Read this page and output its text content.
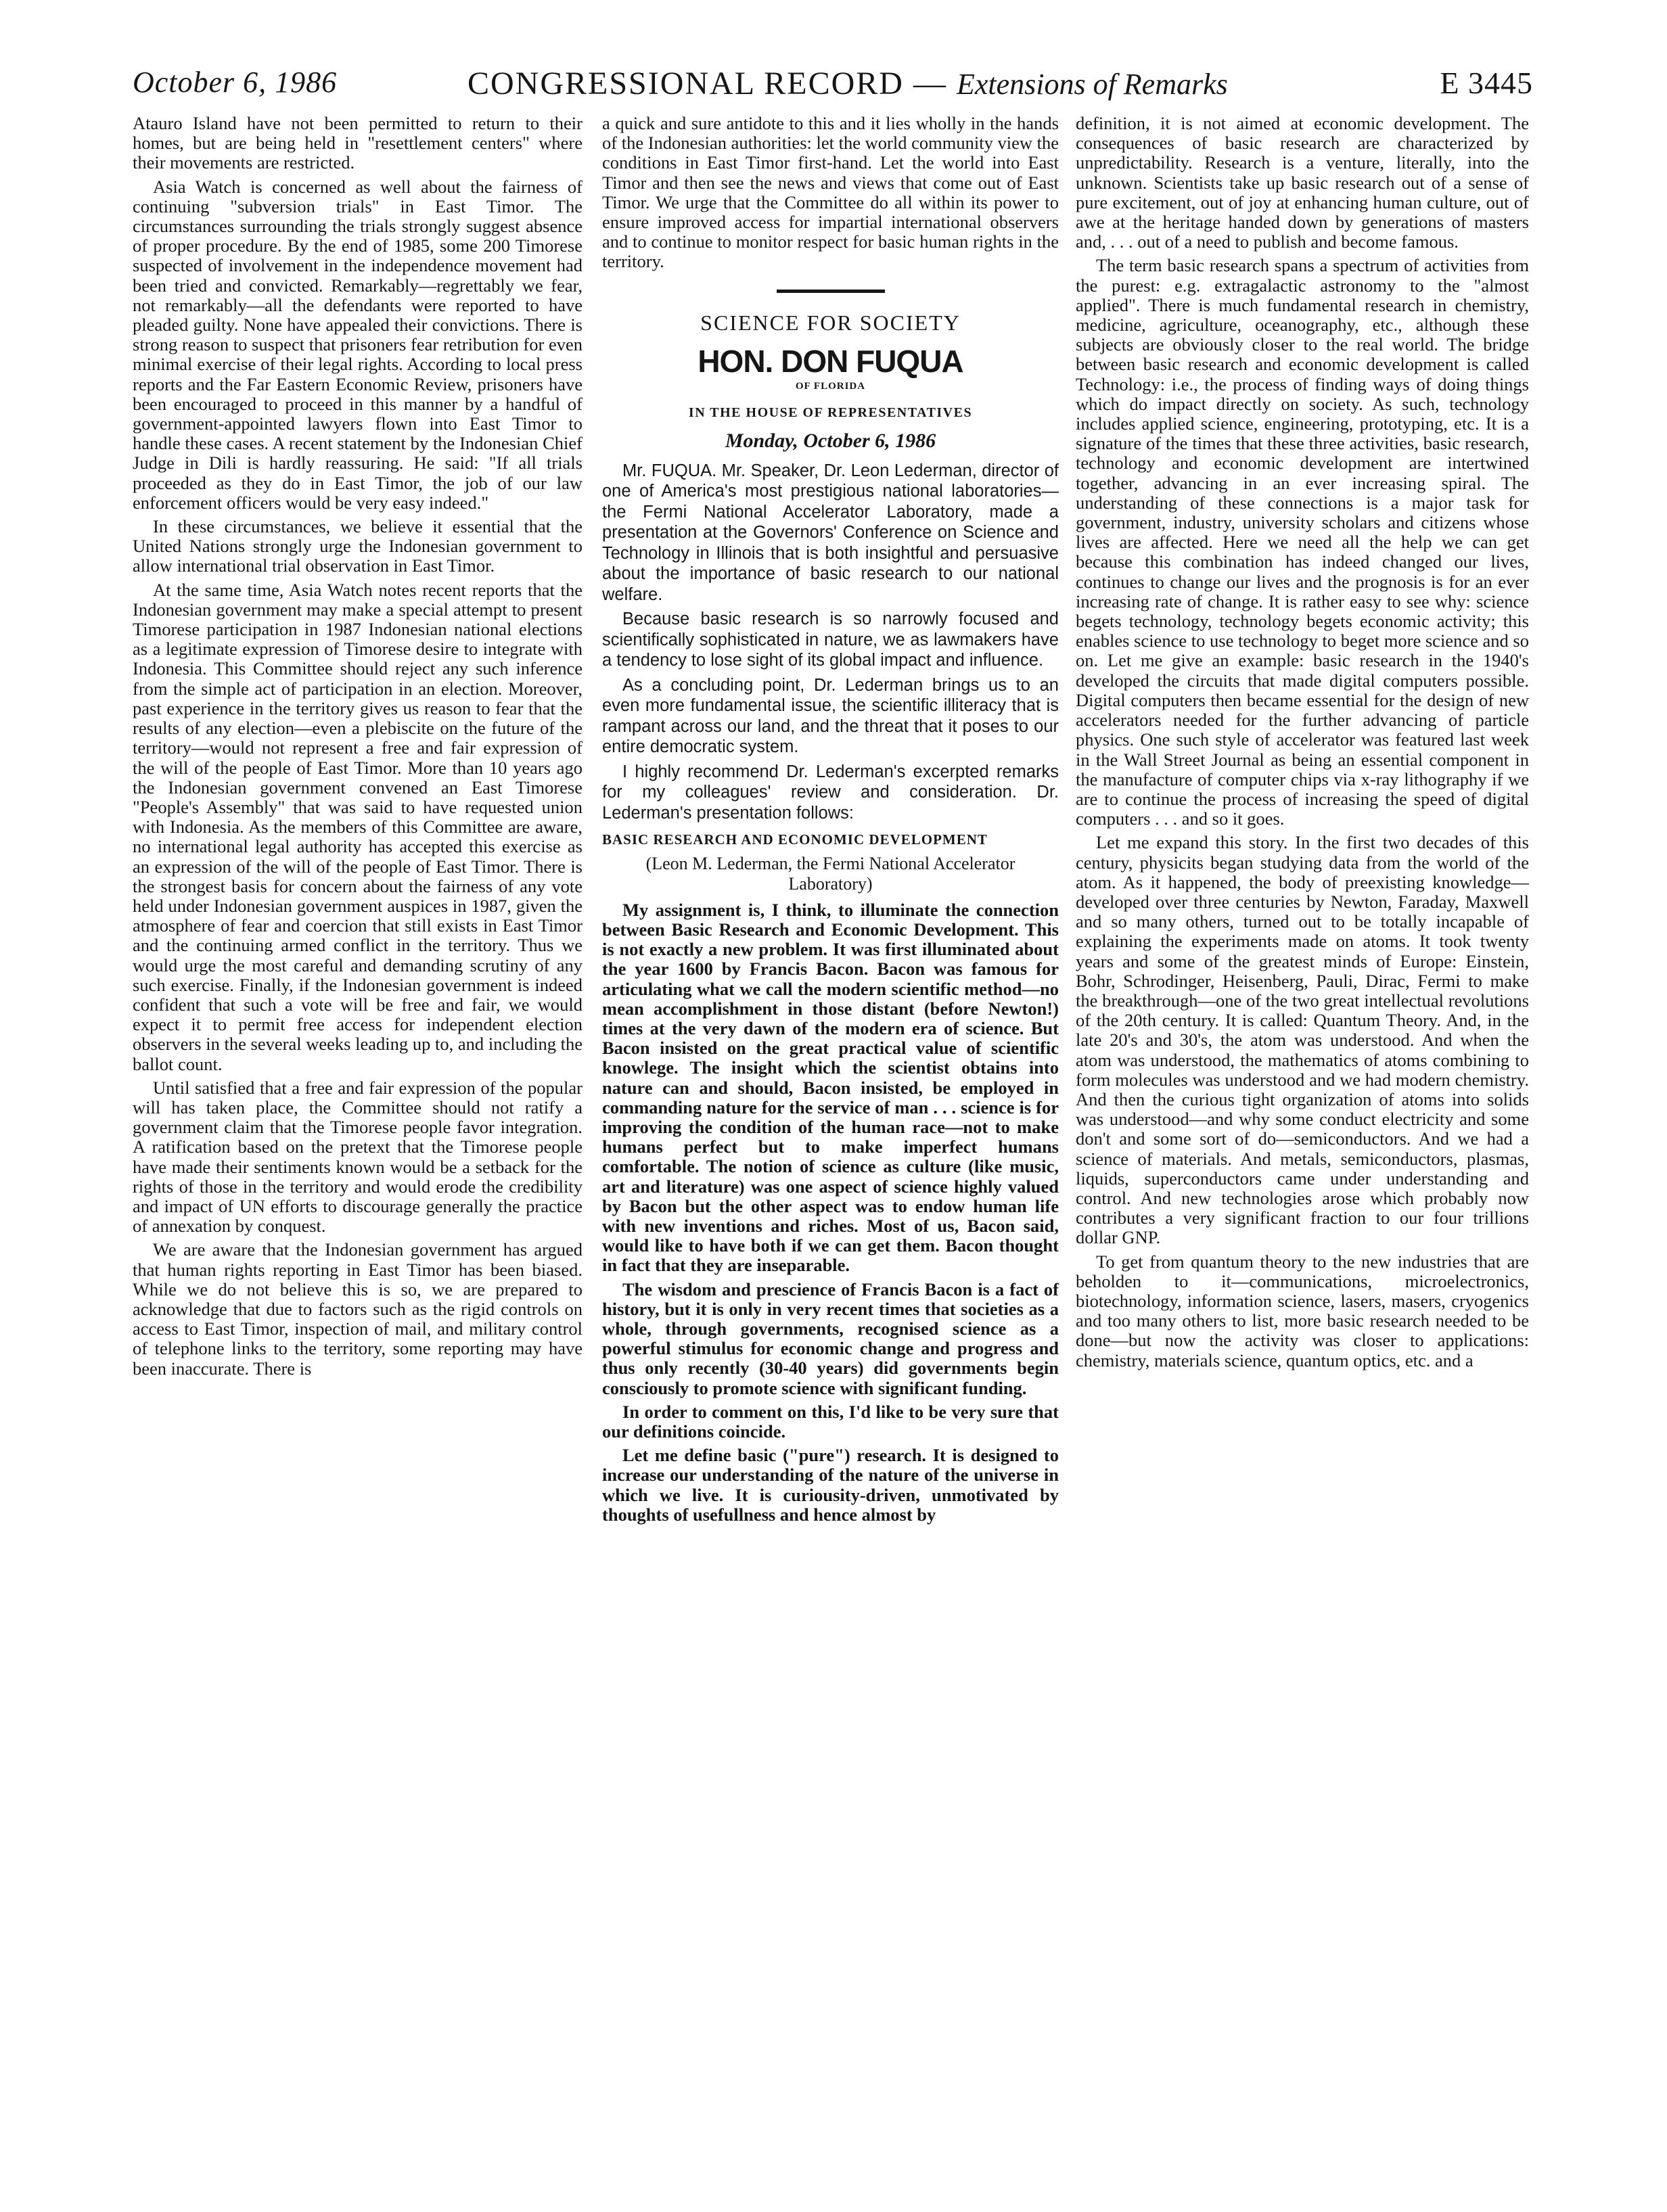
October 6, 1986	CONGRESSIONAL RECORD — Extensions of Remarks	E 3445

Atauro Island have not been permitted to return to their homes, but are being held in "resettlement centers" where their movements are restricted.

Asia Watch is concerned as well about the fairness of continuing "subversion trials" in East Timor. The circumstances surrounding the trials strongly suggest absence of proper procedure. By the end of 1985, some 200 Timorese suspected of involvement in the independence movement had been tried and convicted. Remarkably—regrettably we fear, not remarkably—all the defendants were reported to have pleaded guilty. None have appealed their convictions. There is strong reason to suspect that prisoners fear retribution for even minimal exercise of their legal rights. According to local press reports and the Far Eastern Economic Review, prisoners have been encouraged to proceed in this manner by a handful of government-appointed lawyers flown into East Timor to handle these cases. A recent statement by the Indonesian Chief Judge in Dili is hardly reassuring. He said: "If all trials proceeded as they do in East Timor, the job of our law enforcement officers would be very easy indeed."

In these circumstances, we believe it essential that the United Nations strongly urge the Indonesian government to allow international trial observation in East Timor.

At the same time, Asia Watch notes recent reports that the Indonesian government may make a special attempt to present Timorese participation in 1987 Indonesian national elections as a legitimate expression of Timorese desire to integrate with Indonesia. This Committee should reject any such inference from the simple act of participation in an election. Moreover, past experience in the territory gives us reason to fear that the results of any election—even a plebiscite on the future of the territory—would not represent a free and fair expression of the will of the people of East Timor. More than 10 years ago the Indonesian government convened an East Timorese "People's Assembly" that was said to have requested union with Indonesia. As the members of this Committee are aware, no international legal authority has accepted this exercise as an expression of the will of the people of East Timor. There is the strongest basis for concern about the fairness of any vote held under Indonesian government auspices in 1987, given the atmosphere of fear and coercion that still exists in East Timor and the continuing armed conflict in the territory. Thus we would urge the most careful and demanding scrutiny of any such exercise. Finally, if the Indonesian government is indeed confident that such a vote will be free and fair, we would expect it to permit free access for independent election observers in the several weeks leading up to, and including the ballot count.

Until satisfied that a free and fair expression of the popular will has taken place, the Committee should not ratify a government claim that the Timorese people favor integration. A ratification based on the pretext that the Timorese people have made their sentiments known would be a setback for the rights of those in the territory and would erode the credibility and impact of UN efforts to discourage generally the practice of annexation by conquest.

We are aware that the Indonesian government has argued that human rights reporting in East Timor has been biased. While we do not believe this is so, we are prepared to acknowledge that due to factors such as the rigid controls on access to East Timor, inspection of mail, and military control of telephone links to the territory, some reporting may have been inaccurate. There is

a quick and sure antidote to this and it lies wholly in the hands of the Indonesian authorities: let the world community view the conditions in East Timor first-hand. Let the world into East Timor and then see the news and views that come out of East Timor. We urge that the Committee do all within its power to ensure improved access for impartial international observers and to continue to monitor respect for basic human rights in the territory.

SCIENCE FOR SOCIETY
HON. DON FUQUA
OF FLORIDA
IN THE HOUSE OF REPRESENTATIVES
Monday, October 6, 1986

Mr. FUQUA. Mr. Speaker, Dr. Leon Lederman, director of one of America's most prestigious national laboratories—the Fermi National Accelerator Laboratory, made a presentation at the Governors' Conference on Science and Technology in Illinois that is both insightful and persuasive about the importance of basic research to our national welfare.

Because basic research is so narrowly focused and scientifically sophisticated in nature, we as lawmakers have a tendency to lose sight of its global impact and influence.

As a concluding point, Dr. Lederman brings us to an even more fundamental issue, the scientific illiteracy that is rampant across our land, and the threat that it poses to our entire democratic system.

I highly recommend Dr. Lederman's excerpted remarks for my colleagues' review and consideration. Dr. Lederman's presentation follows:

BASIC RESEARCH AND ECONOMIC DEVELOPMENT
(Leon M. Lederman, the Fermi National Accelerator Laboratory)

My assignment is, I think, to illuminate the connection between Basic Research and Economic Development. This is not exactly a new problem. It was first illuminated about the year 1600 by Francis Bacon. Bacon was famous for articulating what we call the modern scientific method—no mean accomplishment in those distant (before Newton!) times at the very dawn of the modern era of science. But Bacon insisted on the great practical value of scientific knowlege. The insight which the scientist obtains into nature can and should, Bacon insisted, be employed in commanding nature for the service of man . . . science is for improving the condition of the human race—not to make humans perfect but to make imperfect humans comfortable. The notion of science as culture (like music, art and literature) was one aspect of science highly valued by Bacon but the other aspect was to endow human life with new inventions and riches. Most of us, Bacon said, would like to have both if we can get them. Bacon thought in fact that they are inseparable.

The wisdom and prescience of Francis Bacon is a fact of history, but it is only in very recent times that societies as a whole, through governments, recognised science as a powerful stimulus for economic change and progress and thus only recently (30-40 years) did governments begin consciously to promote science with significant funding.

In order to comment on this, I'd like to be very sure that our definitions coincide.

Let me define basic ("pure") research. It is designed to increase our understanding of the nature of the universe in which we live. It is curiousity-driven, unmotivated by thoughts of usefullness and hence almost by

definition, it is not aimed at economic development. The consequences of basic research are characterized by unpredictability. Research is a venture, literally, into the unknown. Scientists take up basic research out of a sense of pure excitement, out of joy at enhancing human culture, out of awe at the heritage handed down by generations of masters and, . . . out of a need to publish and become famous.

The term basic research spans a spectrum of activities from the purest: e.g. extragalactic astronomy to the "almost applied". There is much fundamental research in chemistry, medicine, agriculture, oceanography, etc., although these subjects are obviously closer to the real world. The bridge between basic research and economic development is called Technology: i.e., the process of finding ways of doing things which do impact directly on society. As such, technology includes applied science, engineering, prototyping, etc. It is a signature of the times that these three activities, basic research, technology and economic development are intertwined together, advancing in an ever increasing spiral. The understanding of these connections is a major task for government, industry, university scholars and citizens whose lives are affected. Here we need all the help we can get because this combination has indeed changed our lives, continues to change our lives and the prognosis is for an ever increasing rate of change. It is rather easy to see why: science begets technology, technology begets economic activity; this enables science to use technology to beget more science and so on. Let me give an example: basic research in the 1940's developed the circuits that made digital computers possible. Digital computers then became essential for the design of new accelerators needed for the further advancing of particle physics. One such style of accelerator was featured last week in the Wall Street Journal as being an essential component in the manufacture of computer chips via x-ray lithography if we are to continue the process of increasing the speed of digital computers . . . and so it goes.

Let me expand this story. In the first two decades of this century, physicits began studying data from the world of the atom. As it happened, the body of preexisting knowledge—developed over three centuries by Newton, Faraday, Maxwell and so many others, turned out to be totally incapable of explaining the experiments made on atoms. It took twenty years and some of the greatest minds of Europe: Einstein, Bohr, Schrodinger, Heisenberg, Pauli, Dirac, Fermi to make the breakthrough—one of the two great intellectual revolutions of the 20th century. It is called: Quantum Theory. And, in the late 20's and 30's, the atom was understood. And when the atom was understood, the mathematics of atoms combining to form molecules was understood and we had modern chemistry. And then the curious tight organization of atoms into solids was understood—and why some conduct electricity and some don't and some sort of do—semiconductors. And we had a science of materials. And metals, semiconductors, plasmas, liquids, superconductors came under understanding and control. And new technologies arose which probably now contributes a very significant fraction to our four trillions dollar GNP.

To get from quantum theory to the new industries that are beholden to it—communications, microelectronics, biotechnology, information science, lasers, masers, cryogenics and too many others to list, more basic research needed to be done—but now the activity was closer to applications: chemistry, materials science, quantum optics, etc. and a
